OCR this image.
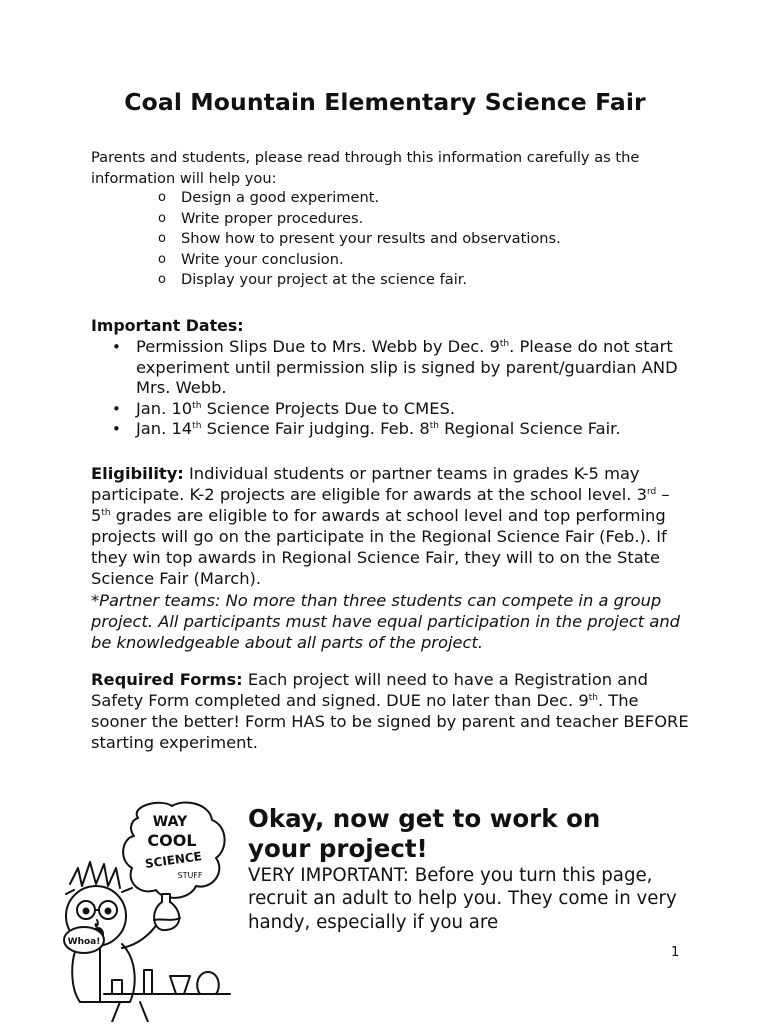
Coal Mountain Elementary Science Fair
Parents and students, please read through this information carefully as the information will help you:
o Design a good experiment.
o Write proper procedures.
o Show how to present your results and observations.
o Write your conclusion.
o Display your project at the science fair.
Important Dates:
• Permission Slips Due to Mrs. Webb by Dec. 9th. Please do not start experiment until permission slip is signed by parent/guardian AND Mrs. Webb.
• Jan. 10th Science Projects Due to CMES.
• Jan. 14th Science Fair judging. Feb. 8th Regional Science Fair.
Eligibility: Individual students or partner teams in grades K-5 may participate. K-2 projects are eligible for awards at the school level. 3rd – 5th grades are eligible to for awards at school level and top performing projects will go on the participate in the Regional Science Fair (Feb.). If they win top awards in Regional Science Fair, they will to on the State Science Fair (March).
*Partner teams: No more than three students can compete in a group project. All participants must have equal participation in the project and be knowledgeable about all parts of the project.
Required Forms: Each project will need to have a Registration and Safety Form completed and signed. DUE no later than Dec. 9th. The sooner the better! Form HAS to be signed by parent and teacher BEFORE starting experiment.
WAY
COOL
SCIENCE
STUFF
Whoa!
Okay, now get to work on your project!
VERY IMPORTANT: Before you turn this page, recruit an adult to help you. They come in very handy, especially if you are
1
